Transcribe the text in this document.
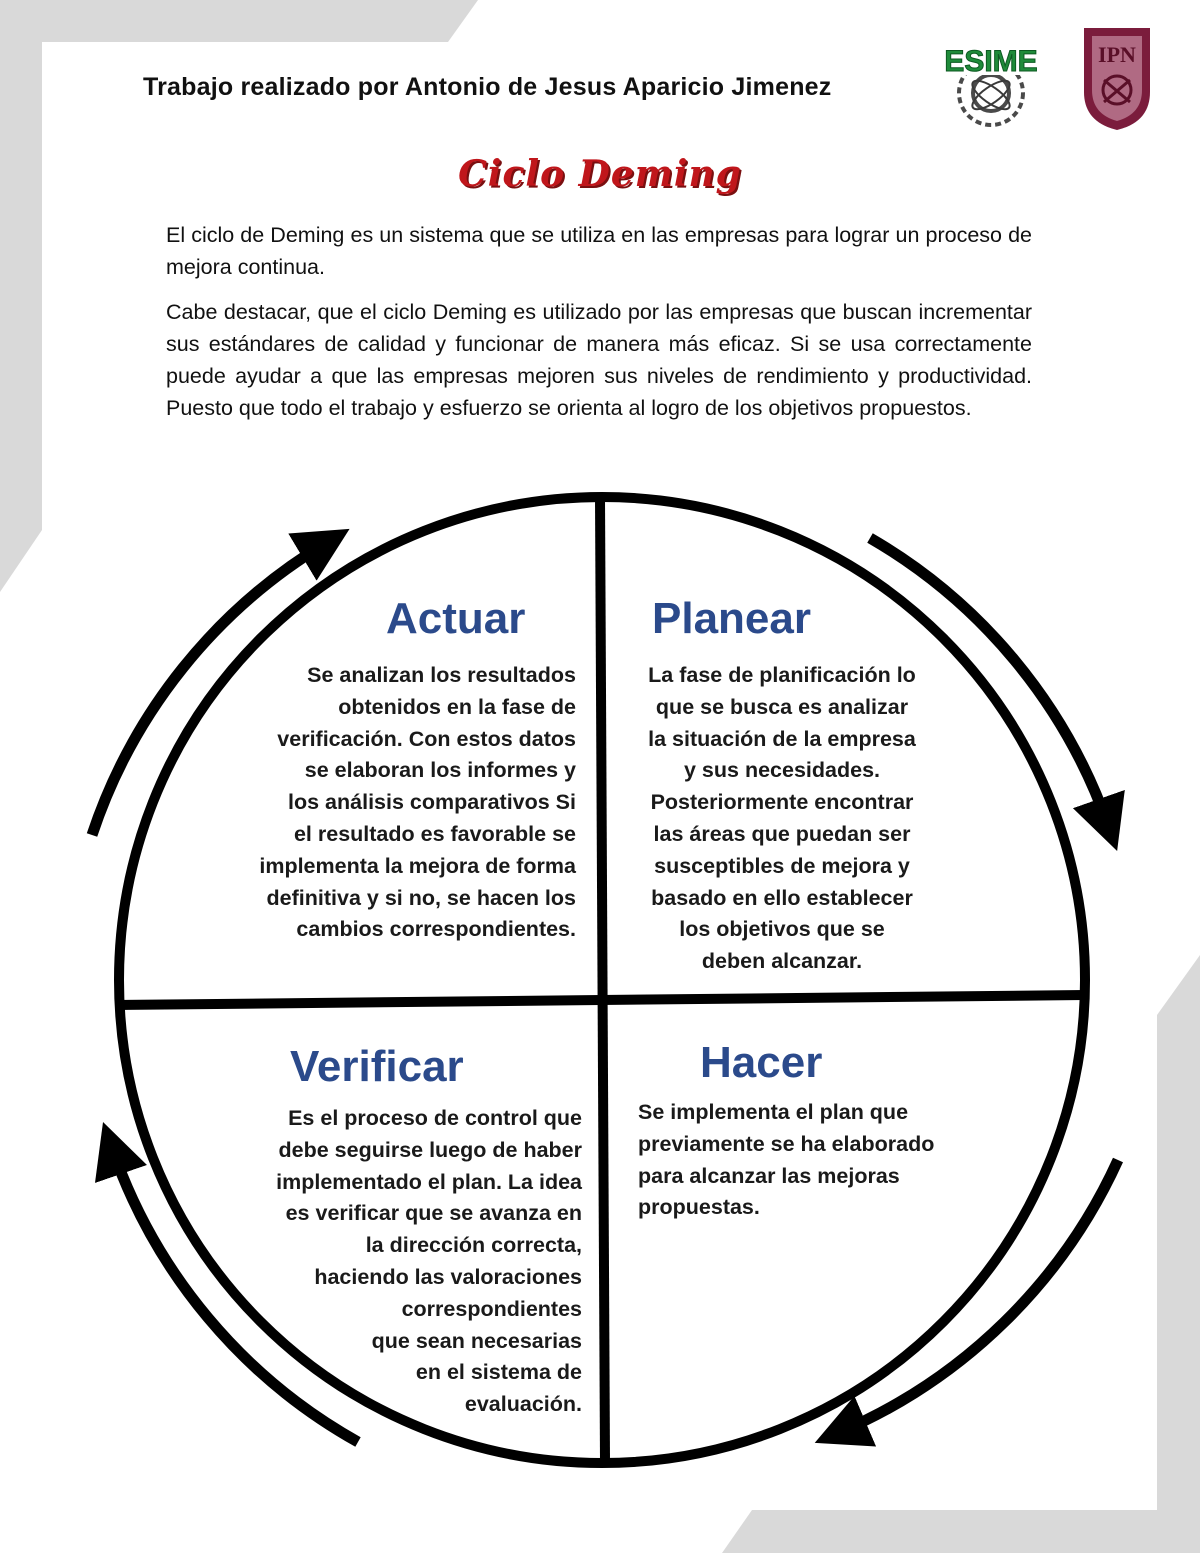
Trabajo realizado por Antonio de Jesus Aparicio Jimenez
ESIME	IPN
Ciclo Deming

El ciclo de Deming es un sistema que se utiliza en las empresas para lograr un proceso de mejora continua.

Cabe destacar, que el ciclo Deming es utilizado por las empresas que buscan incrementar sus estándares de calidad y funcionar de manera más eficaz. Si se usa correctamente puede ayudar a que las empresas mejoren sus niveles de rendimiento y productividad. Puesto que todo el trabajo y esfuerzo se orienta al logro de los objetivos propuestos.

Actuar

Se analizan los resultados
obtenidos en la fase de
verificación. Con estos datos
se elaboran los informes y
los análisis comparativos Si
el resultado es favorable se
implementa la mejora de forma
definitiva y si no, se hacen los
cambios correspondientes.

Planear

La fase de planificación lo
que se busca es analizar
la situación de la empresa
y sus necesidades.
Posteriormente encontrar
las áreas que puedan ser
susceptibles de mejora y
basado en ello establecer
los objetivos que se
deben alcanzar.

Verificar

Es el proceso de control que
debe seguirse luego de haber
implementado el plan. La idea
es verificar que se avanza en
la dirección correcta,
haciendo las valoraciones
correspondientes
que sean necesarias
en el sistema de
evaluación.

Hacer

Se implementa el plan que
previamente se ha elaborado
para alcanzar las mejoras
propuestas.
